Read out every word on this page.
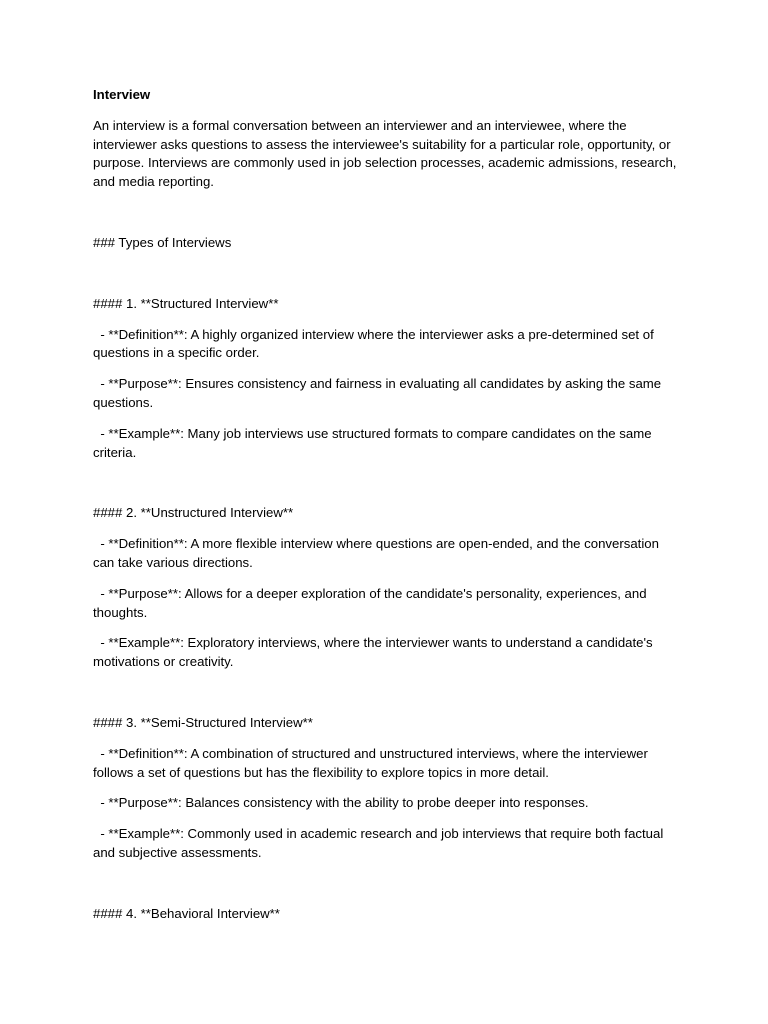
Interview
An interview is a formal conversation between an interviewer and an interviewee, where the interviewer asks questions to assess the interviewee's suitability for a particular role, opportunity, or purpose. Interviews are commonly used in job selection processes, academic admissions, research, and media reporting.
### Types of Interviews
#### 1. **Structured Interview**
- **Definition**: A highly organized interview where the interviewer asks a pre-determined set of questions in a specific order.
- **Purpose**: Ensures consistency and fairness in evaluating all candidates by asking the same questions.
- **Example**: Many job interviews use structured formats to compare candidates on the same criteria.
#### 2. **Unstructured Interview**
- **Definition**: A more flexible interview where questions are open-ended, and the conversation can take various directions.
- **Purpose**: Allows for a deeper exploration of the candidate's personality, experiences, and thoughts.
- **Example**: Exploratory interviews, where the interviewer wants to understand a candidate's motivations or creativity.
#### 3. **Semi-Structured Interview**
- **Definition**: A combination of structured and unstructured interviews, where the interviewer follows a set of questions but has the flexibility to explore topics in more detail.
- **Purpose**: Balances consistency with the ability to probe deeper into responses.
- **Example**: Commonly used in academic research and job interviews that require both factual and subjective assessments.
#### 4. **Behavioral Interview**
